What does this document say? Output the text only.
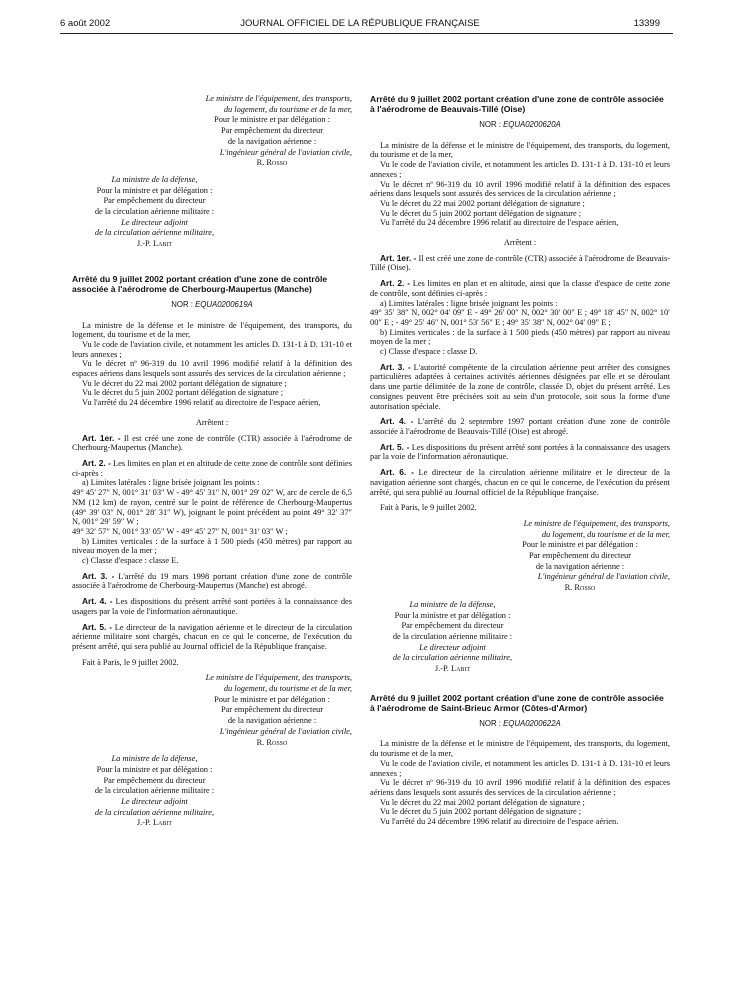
6 août 2002	JOURNAL OFFICIEL DE LA RÉPUBLIQUE FRANÇAISE	13399
Le ministre de l'équipement, des transports,
du logement, du tourisme et de la mer,
Pour le ministre et par délégation :
Par empêchement du directeur
de la navigation aérienne :
L'ingénieur général de l'aviation civile,
R. Rosso
La ministre de la défense,
Pour la ministre et par délégation :
Par empêchement du directeur
de la circulation aérienne militaire :
Le directeur adjoint
de la circulation aérienne militaire,
J.-P. Labit
Arrêté du 9 juillet 2002 portant création d'une zone de contrôle associée à l'aérodrome de Cherbourg-Maupertus (Manche)
NOR : EQUA0200619A

La ministre de la défense et le ministre de l'équipement, des transports, du logement, du tourisme et de la mer,

Vu le code de l'aviation civile, et notamment les articles D. 131-1 à D. 131-10 et leurs annexes ;

Vu le décret nº 96-319 du 10 avril 1996 modifié relatif à la définition des espaces aériens dans lesquels sont assurés des services de la circulation aérienne ;

Vu le décret du 22 mai 2002 portant délégation de signature ;

Vu le décret du 5 juin 2002 portant délégation de signature ;

Vu l'arrêté du 24 décembre 1996 relatif au directoire de l'espace aérien,

Arrêtent :

Art. 1er. - Il est créé une zone de contrôle (CTR) associée à l'aérodrome de Cherbourg-Maupertus (Manche).

Art. 2. - Les limites en plan et en altitude de cette zone de contrôle sont définies ci-après :

a) Limites latérales : ligne brisée joignant les points :

49° 45′ 27″ N, 001° 31′ 03″ W - 49° 45′ 31″ N, 001° 29′ 02″ W, arc de cercle de 6,5 NM (12 km) de rayon, centré sur le point de référence de Cherbourg-Maupertus (49° 39′ 03″ N, 001° 28′ 31″ W), joignant le point précédent au point 49° 32′ 37″ N, 001° 29′ 59″ W ;

49° 32′ 57″ N, 001° 33′ 05″ W - 49° 45′ 27″ N, 001° 31′ 03″ W ;

b) Limites verticales : de la surface à 1 500 pieds (450 mètres) par rapport au niveau moyen de la mer ;

c) Classe d'espace : classe E.

Art. 3. - L'arrêté du 19 mars 1998 portant création d'une zone de contrôle associée à l'aérodrome de Cherbourg-Maupertus (Manche) est abrogé.

Art. 4. - Les dispositions du présent arrêté sont portées à la connaissance des usagers par la voie de l'information aéronautique.

Art. 5. - Le directeur de la navigation aérienne et le directeur de la circulation aérienne militaire sont chargés, chacun en ce qui le concerne, de l'exécution du présent arrêté, qui sera publié au Journal officiel de la République française.

Fait à Paris, le 9 juillet 2002.

Le ministre de l'équipement, des transports,
du logement, du tourisme et de la mer,
Pour le ministre et par délégation :
Par empêchement du directeur
de la navigation aérienne :
L'ingénieur général de l'aviation civile,
R. Rosso
La ministre de la défense,
Pour la ministre et par délégation :
Par empêchement du directeur
de la circulation aérienne militaire :
Le directeur adjoint
de la circulation aérienne militaire,
J.-P. Labit
Arrêté du 9 juillet 2002 portant création d'une zone de contrôle associée à l'aérodrome de Beauvais-Tillé (Oise)
NOR : EQUA0200620A

La ministre de la défense et le ministre de l'équipement, des transports, du logement, du tourisme et de la mer,

Vu le code de l'aviation civile, et notamment les articles D. 131-1 à D. 131-10 et leurs annexes ;

Vu le décret nº 96-319 du 10 avril 1996 modifié relatif à la définition des espaces aériens dans lesquels sont assurés des services de la circulation aérienne ;

Vu le décret du 22 mai 2002 portant délégation de signature ;

Vu le décret du 5 juin 2002 portant délégation de signature ;

Vu l'arrêté du 24 décembre 1996 relatif au directoire de l'espace aérien,

Arrêtent :

Art. 1er. - Il est créé une zone de contrôle (CTR) associée à l'aérodrome de Beauvais-Tillé (Oise).

Art. 2. - Les limites en plan et en altitude, ainsi que la classe d'espace de cette zone de contrôle, sont définies ci-après :

a) Limites latérales : ligne brisée joignant les points :

49° 35′ 38″ N, 002° 04′ 09″ E - 49° 26′ 00″ N, 002° 30′ 00″ E ; 49° 18′ 45″ N, 002° 10′ 00″ E ; - 49° 25′ 46″ N, 001° 53′ 56″ E ; 49° 35′ 38″ N, 002° 04′ 09″ E ;

b) Limites verticales : de la surface à 1 500 pieds (450 mètres) par rapport au niveau moyen de la mer ;

c) Classe d'espace : classe D.

Art. 3. - L'autorité compétente de la circulation aérienne peut arrêter des consignes particulières adaptées à certaines activités aériennes désignées par elle et se déroulant dans une partie délimitée de la zone de contrôle, classée D, objet du présent arrêté. Les consignes peuvent être précisées soit au sein d'un protocole, soit sous la forme d'une autorisation spéciale.

Art. 4. - L'arrêté du 2 septembre 1997 portant création d'une zone de contrôle associée à l'aérodrome de Beauvais-Tillé (Oise) est abrogé.

Art. 5. - Les dispositions du présent arrêté sont portées à la connaissance des usagers par la voie de l'information aéronautique.

Art. 6. - Le directeur de la circulation aérienne militaire et le directeur de la navigation aérienne sont chargés, chacun en ce qui le concerne, de l'exécution du présent arrêté, qui sera publié au Journal officiel de la République française.

Fait à Paris, le 9 juillet 2002.

Le ministre de l'équipement, des transports,
du logement, du tourisme et de la mer,
Pour le ministre et par délégation :
Par empêchement du directeur
de la navigation aérienne :
L'ingénieur général de l'aviation civile,
R. Rosso
La ministre de la défense,
Pour la ministre et par délégation :
Par empêchement du directeur
de la circulation aérienne militaire :
Le directeur adjoint
de la circulation aérienne militaire,
J.-P. Labit
Arrêté du 9 juillet 2002 portant création d'une zone de contrôle associée à l'aérodrome de Saint-Brieuc Armor (Côtes-d'Armor)
NOR : EQUA0200622A

La ministre de la défense et le ministre de l'équipement, des transports, du logement, du tourisme et de la mer,

Vu le code de l'aviation civile, et notamment les articles D. 131-1 à D. 131-10 et leurs annexes ;

Vu le décret nº 96-319 du 10 avril 1996 modifié relatif à la définition des espaces aériens dans lesquels sont assurés des services de la circulation aérienne ;

Vu le décret du 22 mai 2002 portant délégation de signature ;

Vu le décret du 5 juin 2002 portant délégation de signature ;

Vu l'arrêté du 24 décembre 1996 relatif au directoire de l'espace aérien.
